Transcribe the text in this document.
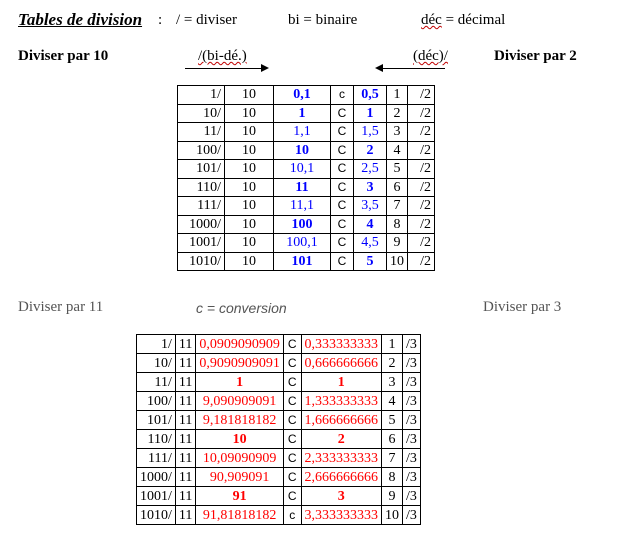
Tables de division : / = diviser	bi = binaire	déc = décimal
Diviser par 10	Diviser par 2
/(bi-dé.)	(déc)/
1/	10	0,1	c	0,5	1	/2
10/	10	1	C	1	2	/2
11/	10	1,1	C	1,5	3	/2
100/	10	10	C	2	4	/2
101/	10	10,1	C	2,5	5	/2
110/	10	11	C	3	6	/2
111/	10	11,1	C	3,5	7	/2
1000/	10	100	C	4	8	/2
1001/	10	100,1	C	4,5	9	/2
1010/	10	101	C	5	10	/2
Diviser par 11	c = conversion	Diviser par 3
1/	11	0,0909090909	C	0,333333333	1	/3
10/	11	0,9090909091	C	0,666666666	2	/3
11/	11	1	C	1	3	/3
100/	11	9,090909091	C	1,333333333	4	/3
101/	11	9,181818182	C	1,666666666	5	/3
110/	11	10	C	2	6	/3
111/	11	10,09090909	C	2,333333333	7	/3
1000/	11	90,909091	C	2,666666666	8	/3
1001/	11	91	C	3	9	/3
1010/	11	91,81818182	c	3,333333333	10	/3
